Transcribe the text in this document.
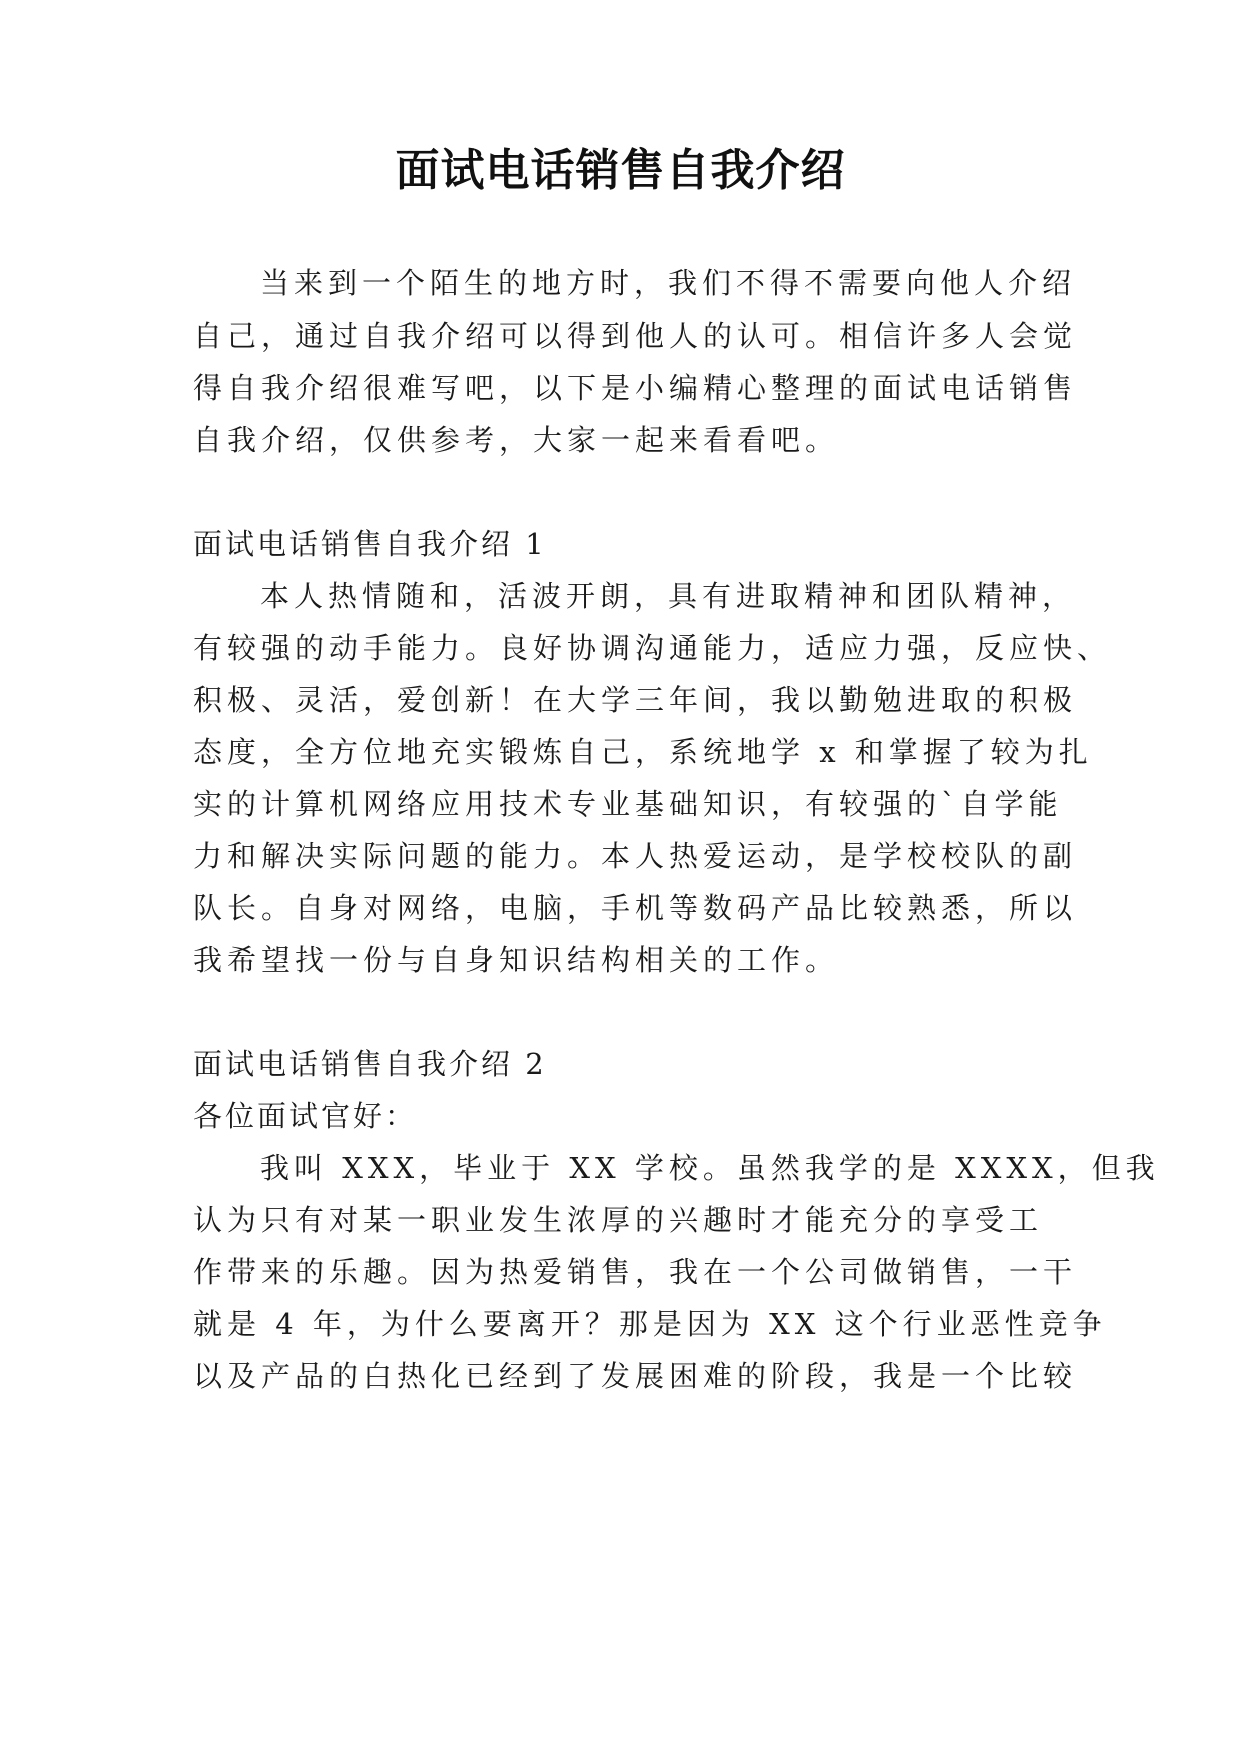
面试电话销售自我介绍
当来到一个陌生的地方时，我们不得不需要向他人介绍
自己，通过自我介绍可以得到他人的认可。相信许多人会觉
得自我介绍很难写吧，以下是小编精心整理的面试电话销售
自我介绍，仅供参考，大家一起来看看吧。
面试电话销售自我介绍 1
本人热情随和，活波开朗，具有进取精神和团队精神，
有较强的动手能力。良好协调沟通能力，适应力强，反应快、
积极、灵活，爱创新！在大学三年间，我以勤勉进取的积极
态度，全方位地充实锻炼自己，系统地学 x 和掌握了较为扎
实的计算机网络应用技术专业基础知识，有较强的`自学能
力和解决实际问题的能力。本人热爱运动，是学校校队的副
队长。自身对网络，电脑，手机等数码产品比较熟悉，所以
我希望找一份与自身知识结构相关的工作。
面试电话销售自我介绍 2
各位面试官好：
我叫 XXX，毕业于 XX 学校。虽然我学的是 XXXX，但我
认为只有对某一职业发生浓厚的兴趣时才能充分的享受工
作带来的乐趣。因为热爱销售，我在一个公司做销售，一干
就是 4 年，为什么要离开？那是因为 XX 这个行业恶性竞争
以及产品的白热化已经到了发展困难的阶段，我是一个比较
